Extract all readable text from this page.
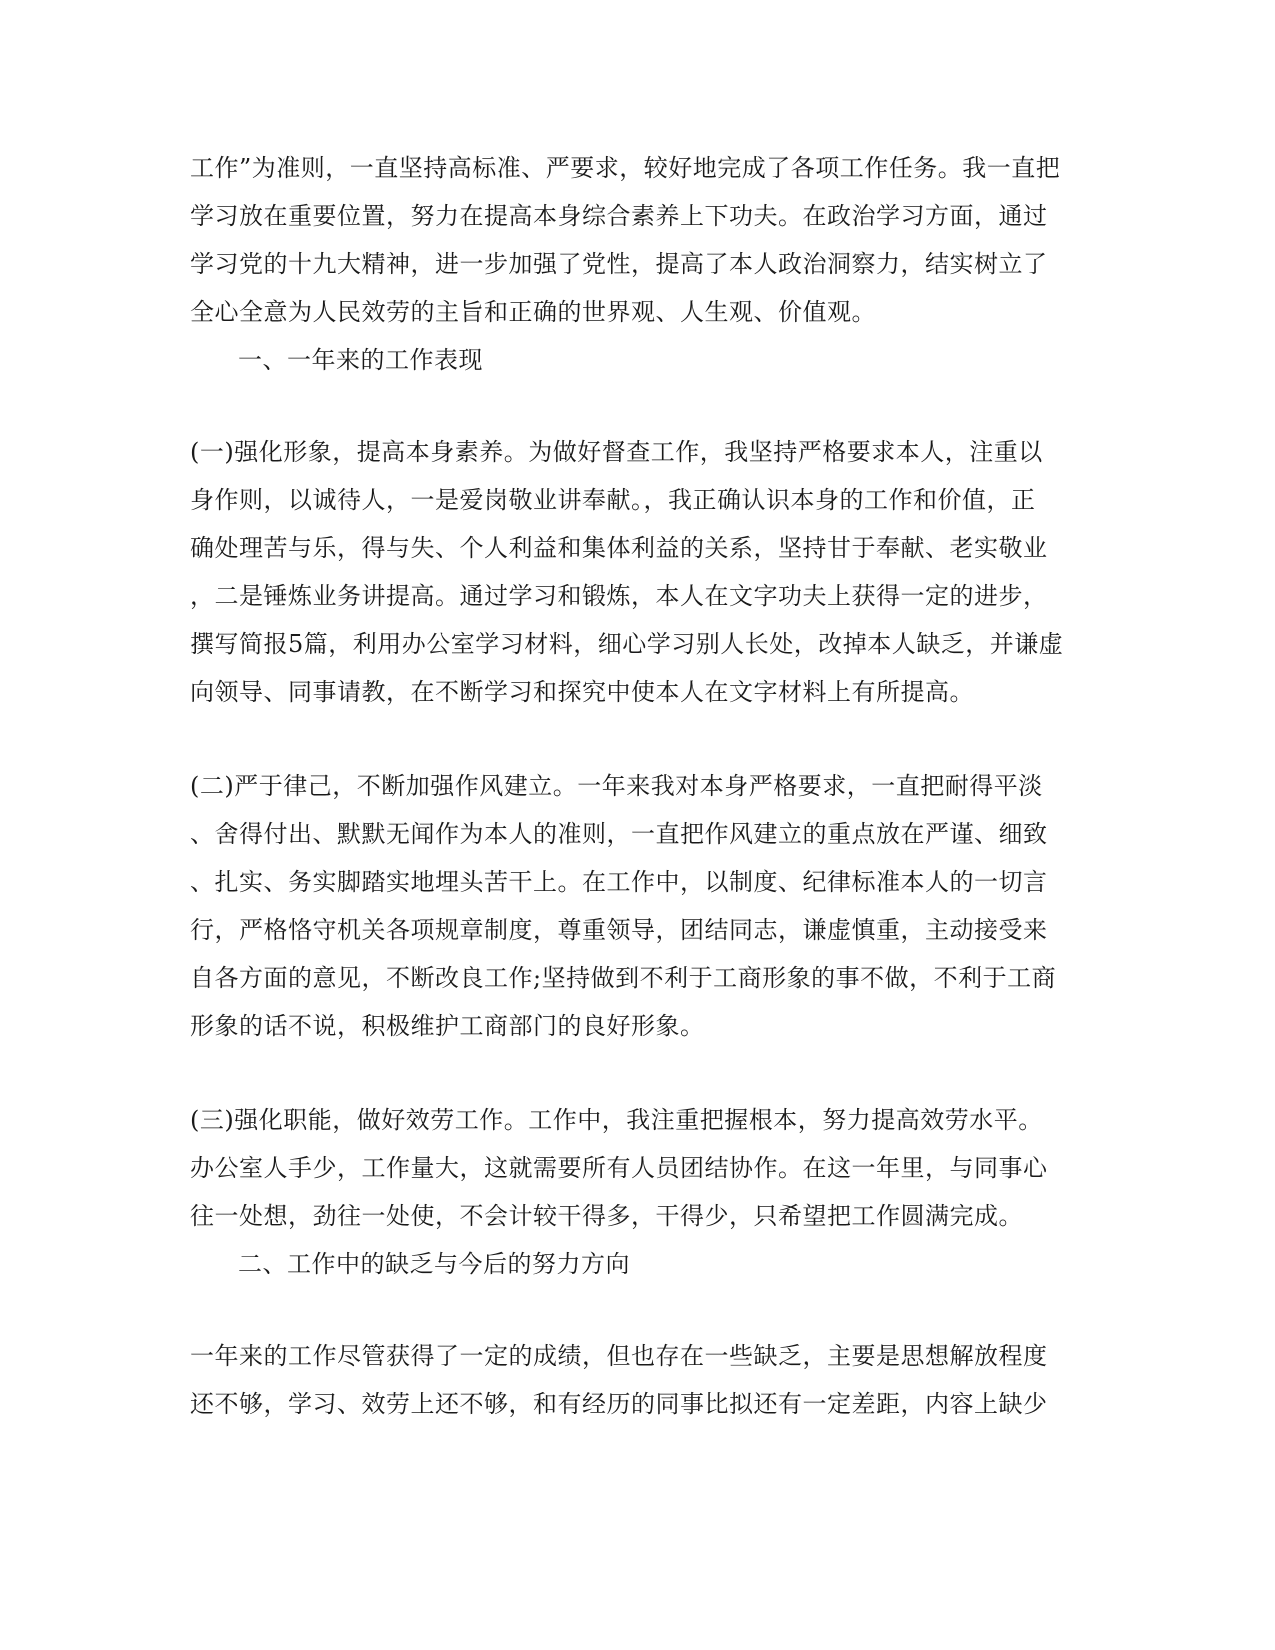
工作”为准则，一直坚持高标准、严要求，较好地完成了各项工作任务。我一直把
学习放在重要位置，努力在提高本身综合素养上下功夫。在政治学习方面，通过
学习党的十九大精神，进一步加强了党性，提高了本人政治洞察力，结实树立了
全心全意为人民效劳的主旨和正确的世界观、人生观、价值观。
一、一年来的工作表现
(一)强化形象，提高本身素养。为做好督查工作，我坚持严格要求本人，注重以
身作则，以诚待人，一是爱岗敬业讲奉献。，我正确认识本身的工作和价值，正
确处理苦与乐，得与失、个人利益和集体利益的关系，坚持甘于奉献、老实敬业
，二是锤炼业务讲提高。通过学习和锻炼，本人在文字功夫上获得一定的进步，
撰写简报5篇，利用办公室学习材料，细心学习别人长处，改掉本人缺乏，并谦虚
向领导、同事请教，在不断学习和探究中使本人在文字材料上有所提高。
(二)严于律己，不断加强作风建立。一年来我对本身严格要求，一直把耐得平淡
、舍得付出、默默无闻作为本人的准则，一直把作风建立的重点放在严谨、细致
、扎实、务实脚踏实地埋头苦干上。在工作中，以制度、纪律标准本人的一切言
行，严格恪守机关各项规章制度，尊重领导，团结同志，谦虚慎重，主动接受来
自各方面的意见，不断改良工作;坚持做到不利于工商形象的事不做，不利于工商
形象的话不说，积极维护工商部门的良好形象。
(三)强化职能，做好效劳工作。工作中，我注重把握根本，努力提高效劳水平。
办公室人手少，工作量大，这就需要所有人员团结协作。在这一年里，与同事心
往一处想，劲往一处使，不会计较干得多，干得少，只希望把工作圆满完成。
二、工作中的缺乏与今后的努力方向
一年来的工作尽管获得了一定的成绩，但也存在一些缺乏，主要是思想解放程度
还不够，学习、效劳上还不够，和有经历的同事比拟还有一定差距，内容上缺少
